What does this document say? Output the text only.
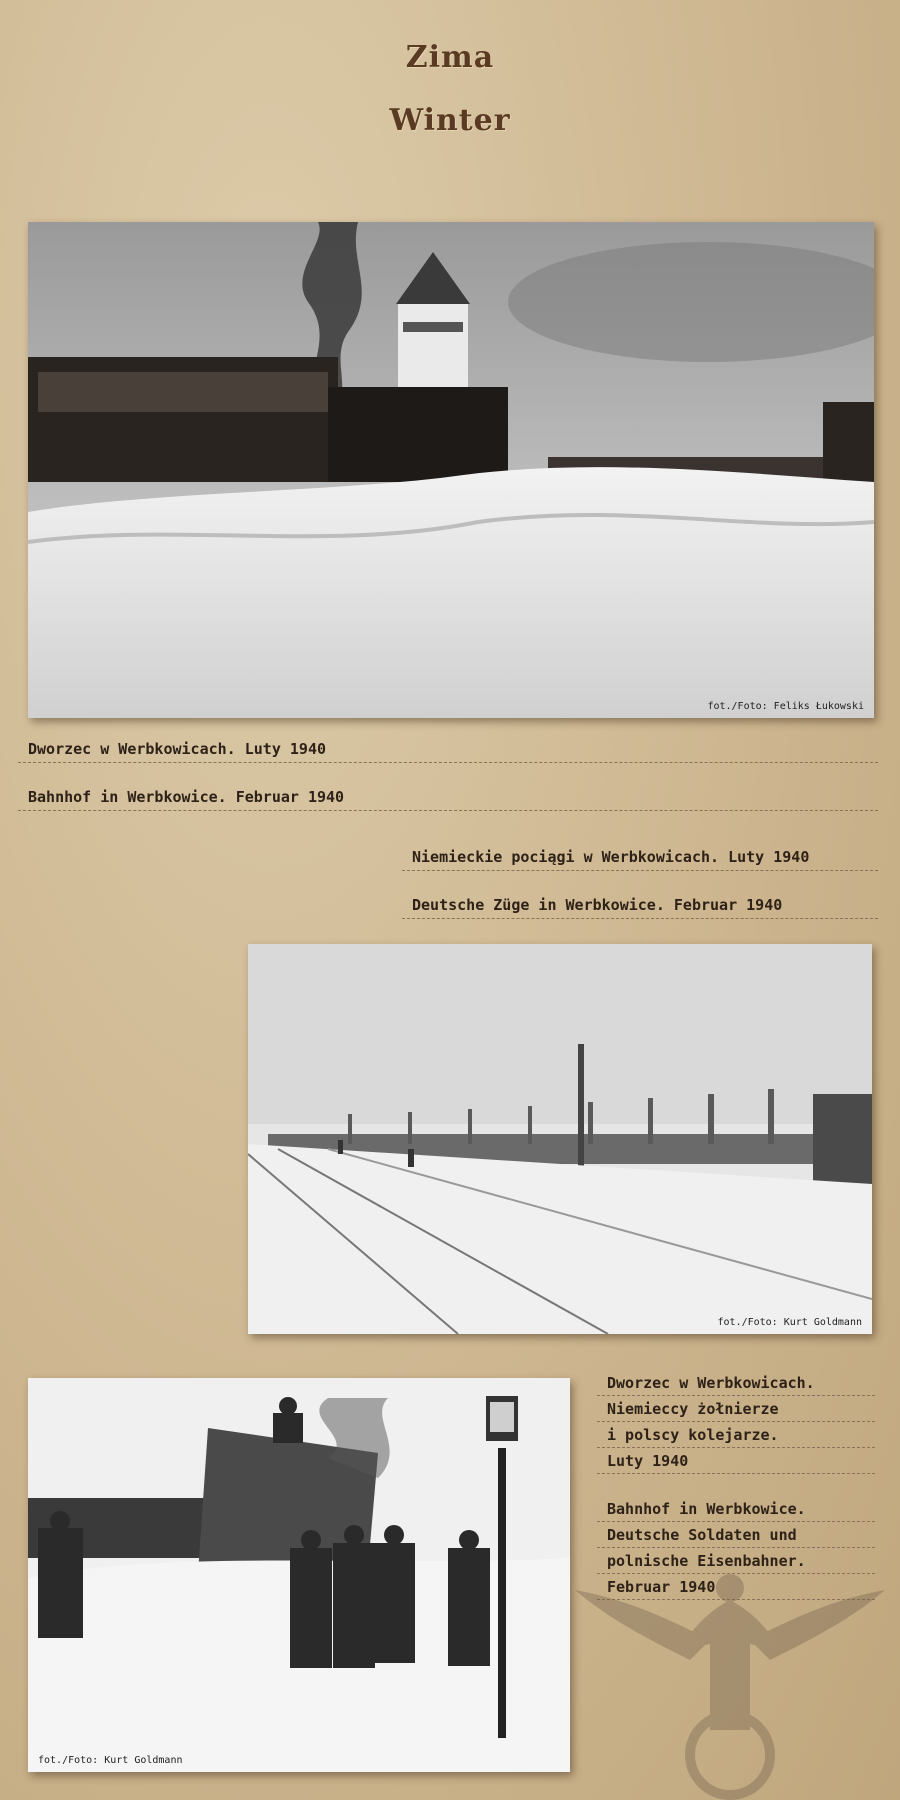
Zima
Winter
fot./Foto: Feliks Łukowski
Dworzec w Werbkowicach. Luty 1940
Bahnhof in Werbkowice. Februar 1940
Niemieckie pociągi w Werbkowicach. Luty 1940
Deutsche Züge in Werbkowice. Februar 1940
fot./Foto: Kurt Goldmann
fot./Foto: Kurt Goldmann
Dworzec w Werbkowicach.
Niemieccy żołnierze
i polscy kolejarze.
Luty 1940
Bahnhof in Werbkowice.
Deutsche Soldaten und
polnische Eisenbahner.
Februar 1940
